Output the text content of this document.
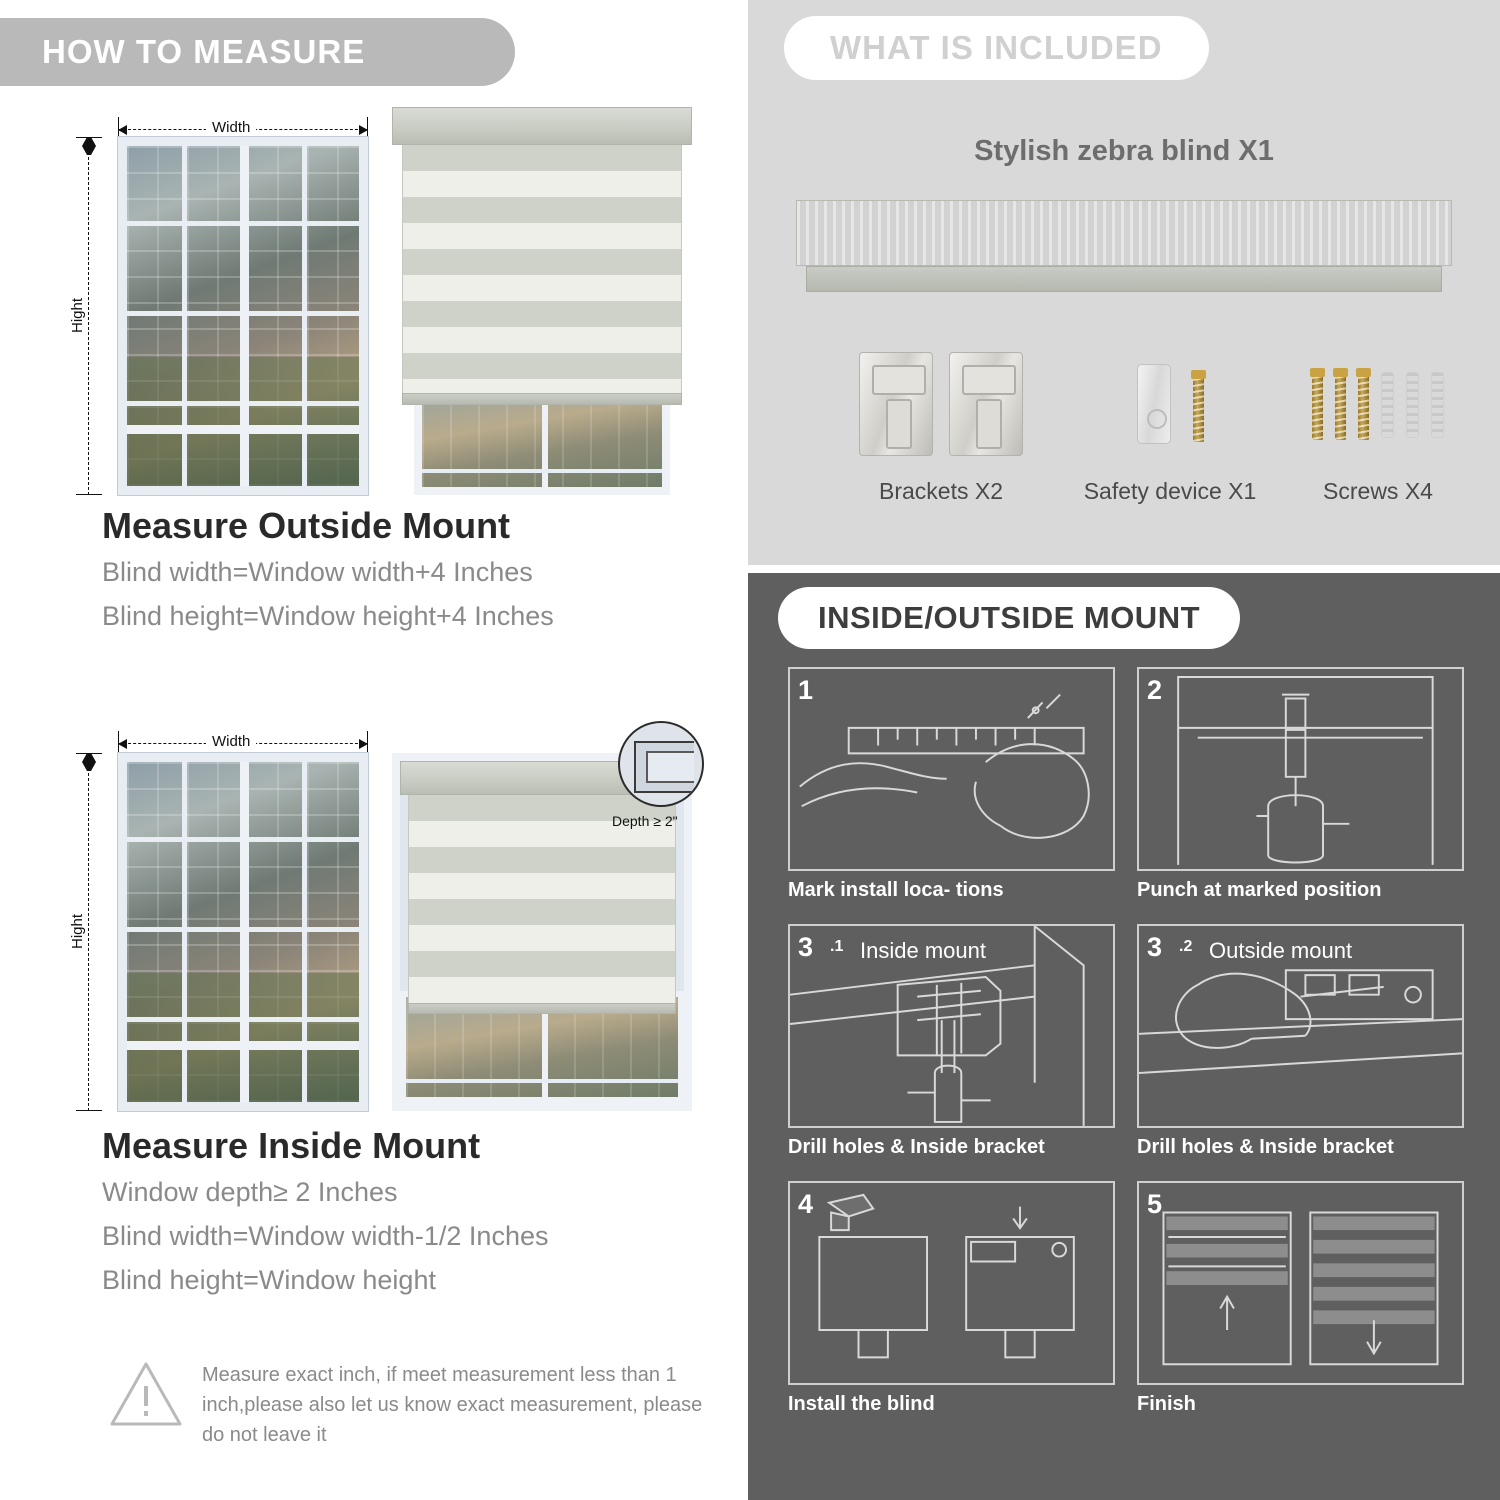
HOW TO MEASURE
Width
Hight
Measure Outside Mount

Blind width=Window width+4 Inches

Blind height=Window height+4 Inches

Width
Hight
Depth ≥ 2"
Measure Inside Mount

Window depth≥ 2 Inches

Blind width=Window width-1/2 Inches

Blind height=Window height

Measure exact inch, if meet measurement less than 1 inch,please also let us know exact measurement, please do not leave it
WHAT IS INCLUDED
Stylish zebra blind X1
Brackets X2	Safety device X1	Screws X4
INSIDE/OUTSIDE MOUNT
1
Mark install loca- tions
2
Punch at marked position
3 .1 Inside mount
Drill holes & Inside bracket
3 .2 Outside mount
Drill holes & Inside bracket
4
Install the blind
5
Finish
